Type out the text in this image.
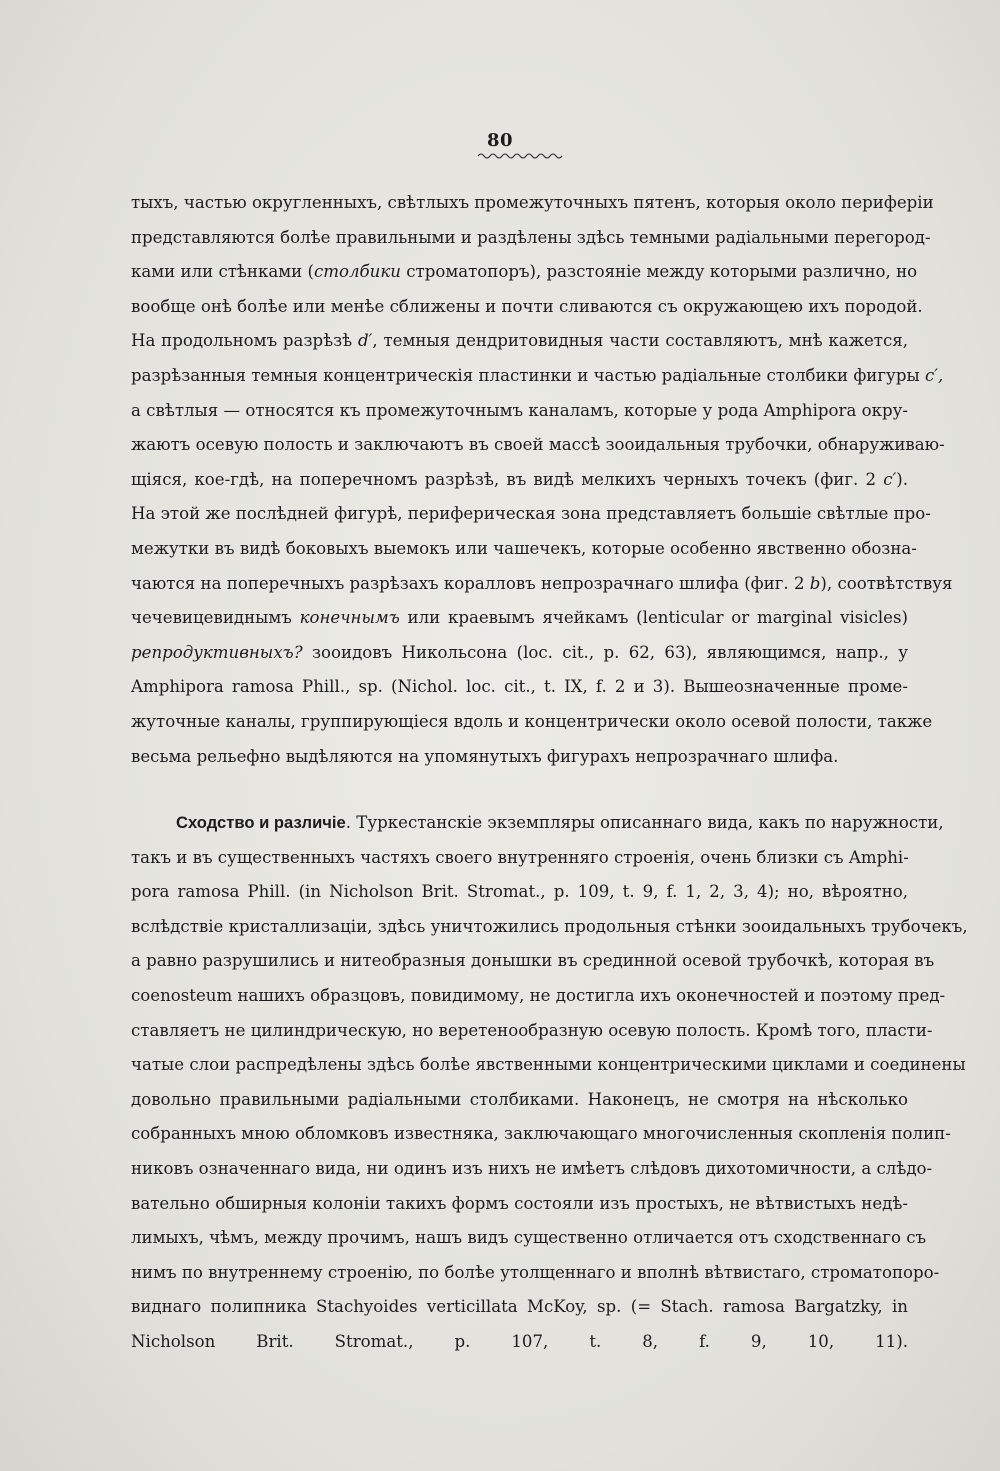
80
тыхъ, частью округленныхъ, свѣтлыхъ промежуточныхъ пятенъ, которыя около периферіи
представляются болѣе правильными и раздѣлены здѣсь темными радіальными перегород-
ками или стѣнками (столбики строматопоръ), разстояніе между которыми различно, но
вообще онѣ болѣе или менѣе сближены и почти сливаются съ окружающею ихъ породой.
На продольномъ разрѣзѣ d′, темныя дендритовидныя части составляютъ, мнѣ кажется,
разрѣзанныя темныя концентрическія пластинки и частью радіальные столбики фигуры c′,
а свѣтлыя — относятся къ промежуточнымъ каналамъ, которые у рода Amphipora окру-
жаютъ осевую полость и заключаютъ въ своей массѣ зооидальныя трубочки, обнаруживаю-
щіяся, кое-гдѣ, на поперечномъ разрѣзѣ, въ видѣ мелкихъ черныхъ точекъ (фиг. 2 c′).
На этой же послѣдней фигурѣ, периферическая зона представляетъ большіе свѣтлые про-
межутки въ видѣ боковыхъ выемокъ или чашечекъ, которые особенно явственно обозна-
чаются на поперечныхъ разрѣзахъ коралловъ непрозрачнаго шлифа (фиг. 2 b), соотвѣтствуя
чечевицевиднымъ конечнымъ или краевымъ ячейкамъ (lenticular or marginal visicles)
репродуктивныхъ? зооидовъ Никольсона (loc. cit., p. 62, 63), являющимся, напр., у
Amphipora ramosa Phill., sp. (Nichol. loc. cit., t. IX, f. 2 и 3). Вышеозначенные проме-
жуточные каналы, группирующіеся вдоль и концентрически около осевой полости, также
весьма рельефно выдѣляются на упомянутыхъ фигурахъ непрозрачнаго шлифа.
Сходство и различіе. Туркестанскіе экземпляры описаннаго вида, какъ по наружности,
такъ и въ существенныхъ частяхъ своего внутренняго строенія, очень близки съ Amphi-
pora ramosa Phill. (in Nicholson Brit. Stromat., p. 109, t. 9, f. 1, 2, 3, 4); но, вѣроятно,
вслѣдствіе кристаллизаціи, здѣсь уничтожились продольныя стѣнки зооидальныхъ трубочекъ,
а равно разрушились и нитеобразныя донышки въ срединной осевой трубочкѣ, которая въ
coenosteum нашихъ образцовъ, повидимому, не достигла ихъ оконечностей и поэтому пред-
ставляетъ не цилиндрическую, но веретенообразную осевую полость. Кромѣ того, пласти-
чатые слои распредѣлены здѣсь болѣе явственными концентрическими циклами и соединены
довольно правильными радіальными столбиками. Наконецъ, не смотря на нѣсколько
собранныхъ мною обломковъ известняка, заключающаго многочисленныя скопленія полип-
никовъ означеннаго вида, ни одинъ изъ нихъ не имѣетъ слѣдовъ дихотомичности, а слѣдо-
вательно обширныя колоніи такихъ формъ состояли изъ простыхъ, не вѣтвистыхъ недѣ-
лимыхъ, чѣмъ, между прочимъ, нашъ видъ существенно отличается отъ сходственнаго съ
нимъ по внутреннему строенію, по болѣе утолщеннаго и вполнѣ вѣтвистаго, строматопоро-
виднаго полипника Stachyoides verticillata McKoy, sp. (= Stach. ramosa Bargatzky, in
Nicholson Brit. Stromat., p. 107, t. 8, f. 9, 10, 11).
